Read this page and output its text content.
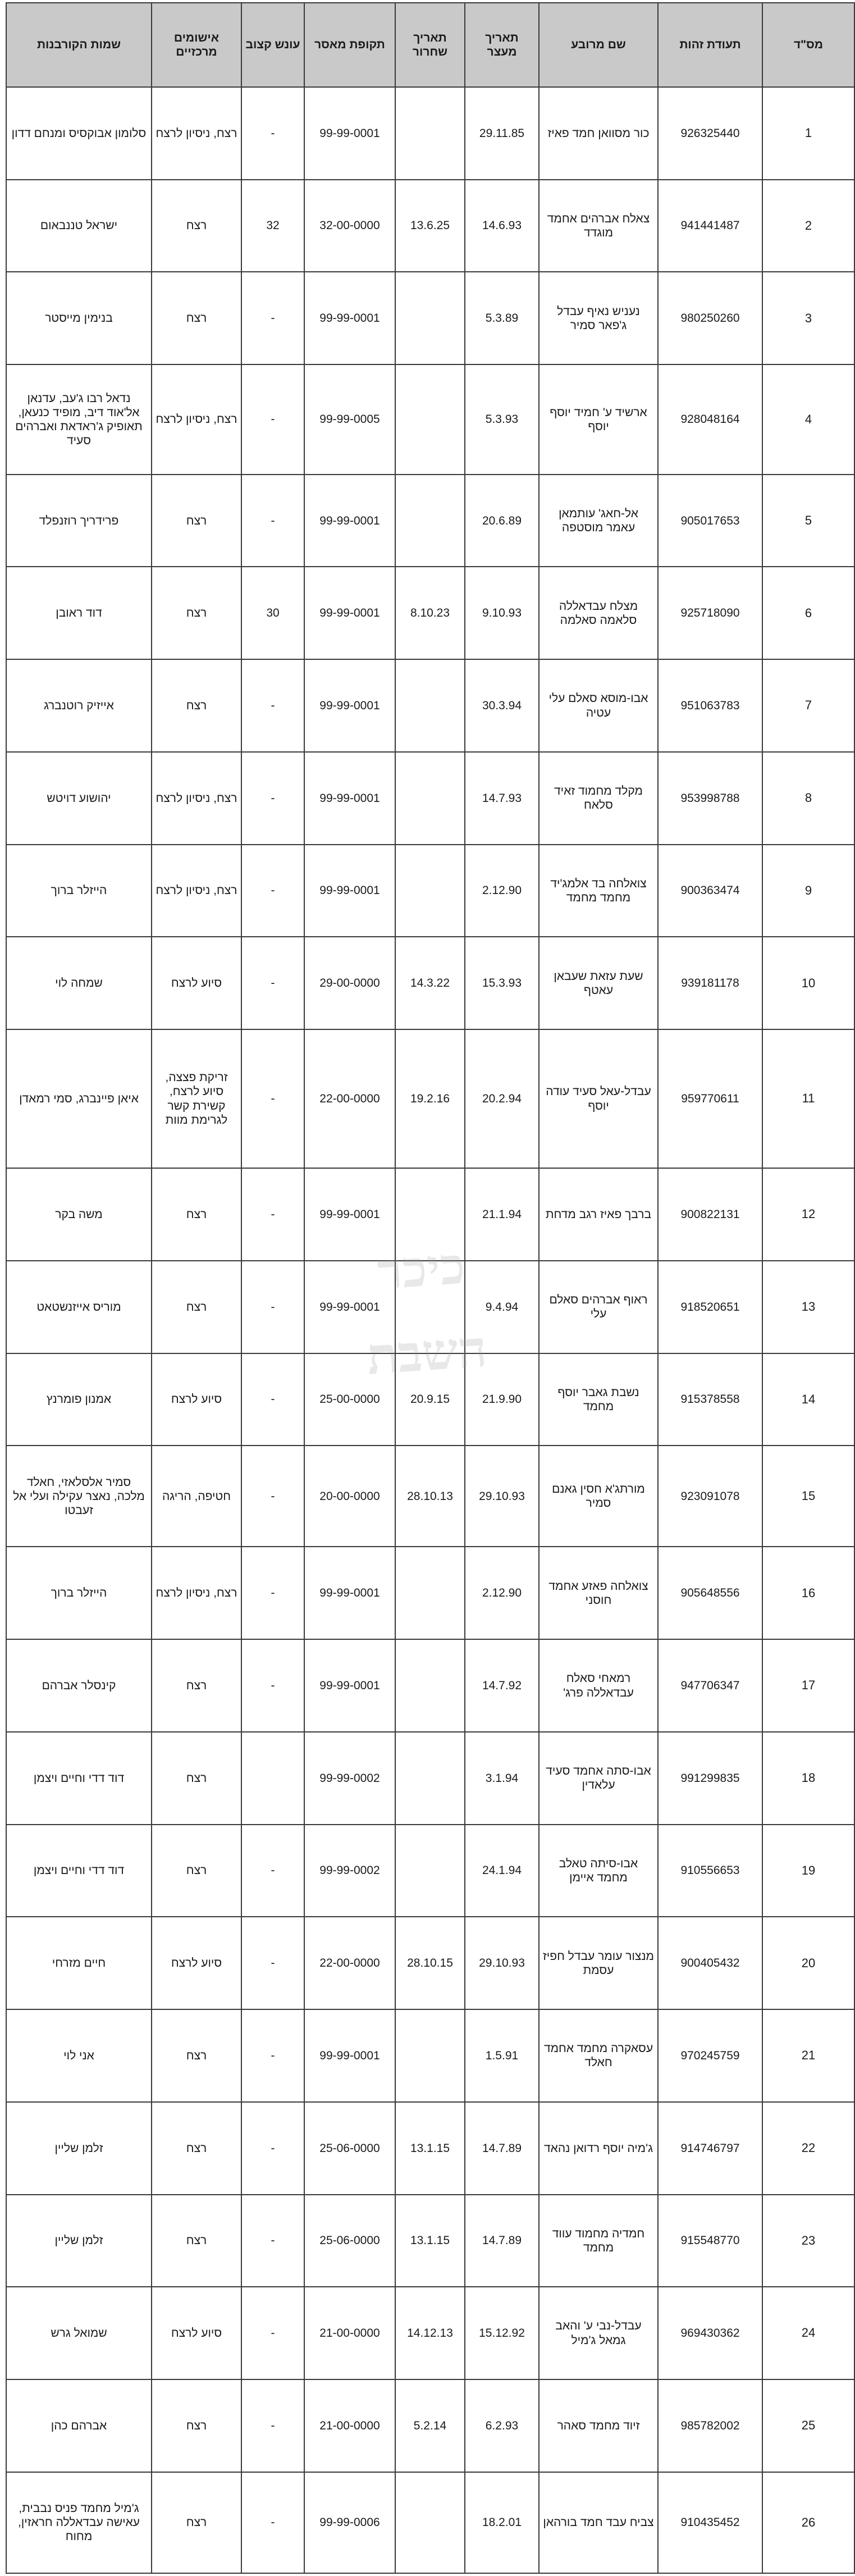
מס"ד	תעודת זהות	שם מרובע	תאריך מעצר	תאריך שחרור	תקופת מאסר	עונש קצוב	אישומים מרכזיים	שמות הקורבנות
1	926325440	כור מסוואן חמד פאיז	29.11.85		99-99-0001	-	רצח, ניסיון לרצח	סלומון אבוקסיס ומנחם דדון
2	941441487	צאלח אברהים אחמד מוגדד	14.6.93	13.6.25	32-00-0000	32	רצח	ישראל טננבאום
3	980250260	נעניש נאיף עבדל ג'פאר סמיר	5.3.89		99-99-0001	-	רצח	בנימין מייסטר
4	928048164	ארשיד ע' חמיד יוסף יוסף	5.3.93		99-99-0005	-	רצח, ניסיון לרצח	נדאל רבו ג'עב, עדנאן אל'אוד דיב, מופיד כנעאן, תאופיק ג'ראדאת ואברהים סעיד
5	905017653	אל-חאג' עותמאן עאמר מוסטפה	20.6.89		99-99-0001	-	רצח	פרידריך רוזנפלד
6	925718090	מצלח עבדאללה סלאמה סאלמה	9.10.93	8.10.23	99-99-0001	30	רצח	דוד ראובן
7	951063783	אבו-מוסא סאלם עלי עטיה	30.3.94		99-99-0001	-	רצח	אייזיק רוטנברג
8	953998788	מקלד מחמוד זאיד סלאח	14.7.93		99-99-0001	-	רצח, ניסיון לרצח	יהושוע דויטש
9	900363474	צואלחה בד אלמג'יד מחמד מחמד	2.12.90		99-99-0001	-	רצח, ניסיון לרצח	הייזלר ברוך
10	939181178	שעת עזאת שעבאן עאטף	15.3.93	14.3.22	29-00-0000	-	סיוע לרצח	שמחה לוי
11	959770611	עבדל-עאל סעיד עודה יוסף	20.2.94	19.2.16	22-00-0000	-	זריקת פצצה, סיוע לרצח, קשירת קשר לגרימת מוות	איאן פיינברג, סמי רמאדן
12	900822131	ברבך פאיז רגב מדחת	21.1.94		99-99-0001	-	רצח	משה בקר
13	918520651	ראוף אברהים סאלם עלי	9.4.94		99-99-0001	-	רצח	מוריס אייזנשטאט
14	915378558	נשבת גאבר יוסף מחמד	21.9.90	20.9.15	25-00-0000	-	סיוע לרצח	אמנון פומרנץ
15	923091078	מורתג'א חסין גאנם סמיר	29.10.93	28.10.13	20-00-0000	-	חטיפה, הריגה	סמיר אלסלאזי, חאלד מלכה, נאצר עקילה ועלי אל זעבטו
16	905648556	צואלחה פאזע אחמד חוסני	2.12.90		99-99-0001	-	רצח, ניסיון לרצח	הייזלר ברוך
17	947706347	רמאחי סאלח עבדאללה פרג'	14.7.92		99-99-0001	-	רצח	קינסלר אברהם
18	991299835	אבו-סתה אחמד סעיד עלאדין	3.1.94		99-99-0002		רצח	דוד דדי וחיים ויצמן
19	910556653	אבו-סיתה טאלב מחמד איימן	24.1.94		99-99-0002	-	רצח	דוד דדי וחיים ויצמן
20	900405432	מנצור עומר עבדל חפיז עסמת	29.10.93	28.10.15	22-00-0000	-	סיוע לרצח	חיים מזרחי
21	970245759	עסאקרה מחמד אחמד חאלד	1.5.91		99-99-0001	-	רצח	אני לוי
22	914746797	ג'מיה יוסף רדואן נהאד	14.7.89	13.1.15	25-06-0000	-	רצח	זלמן שליין
23	915548770	חמדיה מחמוד עווד מחמד	14.7.89	13.1.15	25-06-0000	-	רצח	זלמן שליין
24	969430362	עבדל-נבי ע' והאב גמאל ג'מיל	15.12.92	14.12.13	21-00-0000	-	סיוע לרצח	שמואל גרש
25	985782002	זיוד מחמד סאהר	6.2.93	5.2.14	21-00-0000	-	רצח	אברהם כהן
26	910435452	צביח עבד חמד בורהאן	18.2.01		99-99-0006	-	רצח	ג'מיל מחמד פניס נבבית, עאישה עבדאללה חראזין, מחוח
כיכר השבת
